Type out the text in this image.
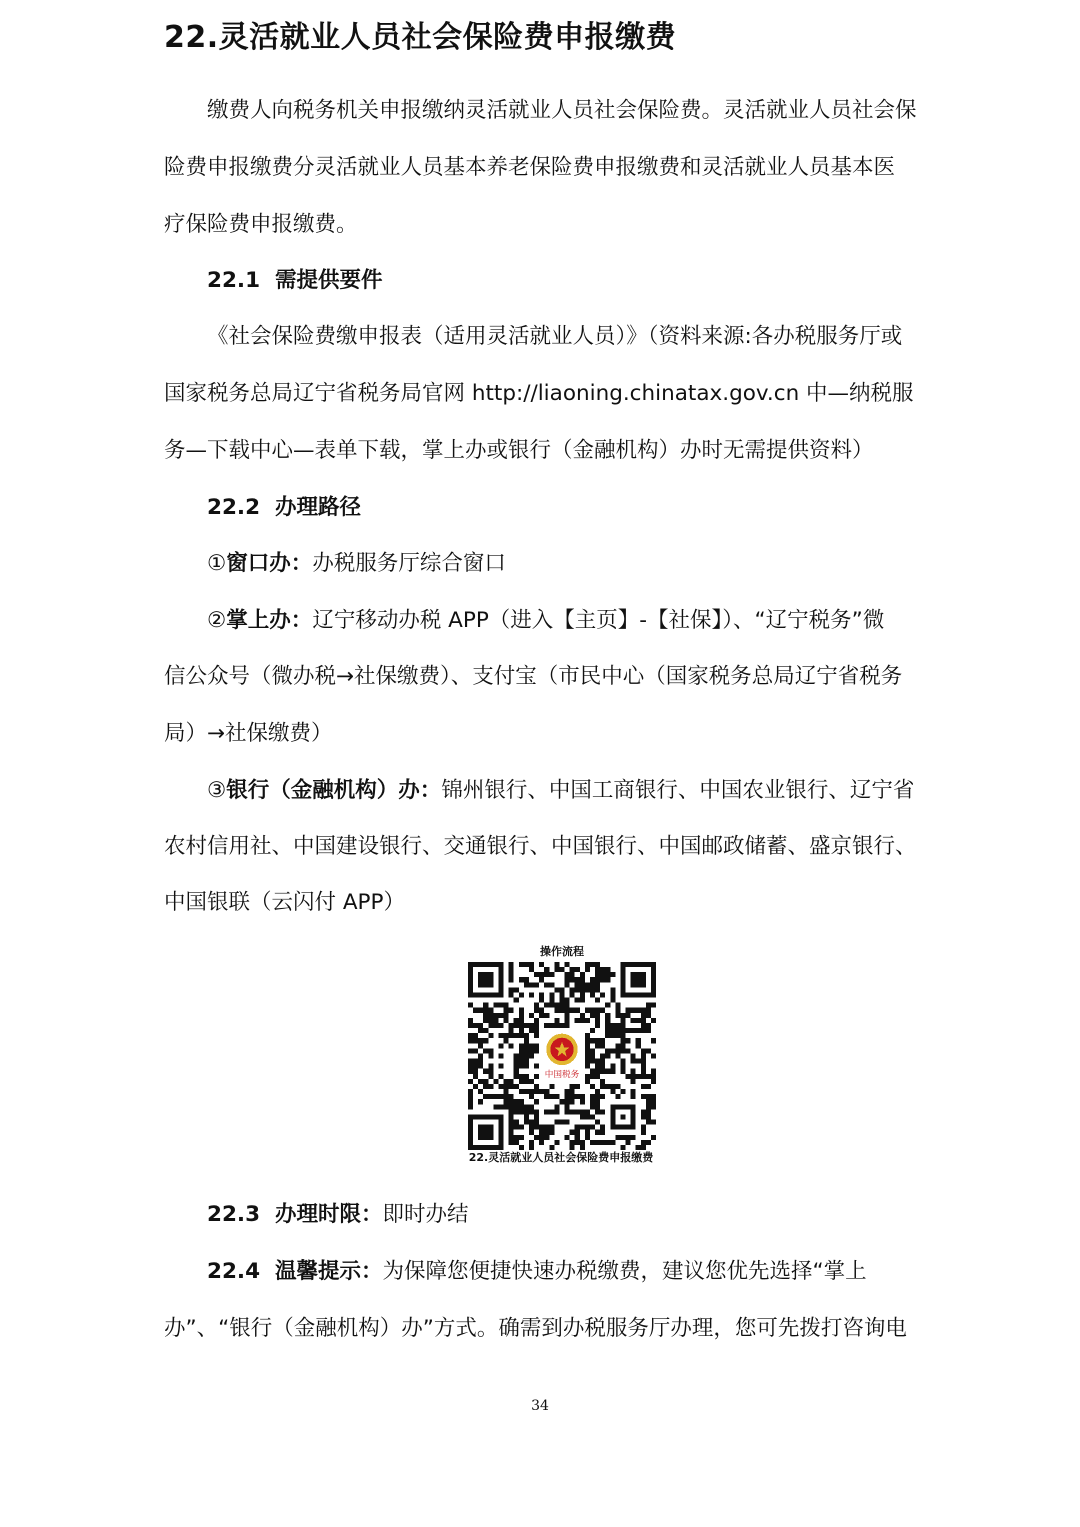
22.灵活就业人员社会保险费申报缴费
缴费人向税务机关申报缴纳灵活就业人员社会保险费。灵活就业人员社会保
险费申报缴费分灵活就业人员基本养老保险费申报缴费和灵活就业人员基本医
疗保险费申报缴费。
22.1 需提供要件
《社会保险费缴申报表（适用灵活就业人员）》（资料来源:各办税服务厅或
国家税务总局辽宁省税务局官网 http://liaoning.chinatax.gov.cn 中—纳税服
务—下载中心—表单下载，掌上办或银行（金融机构）办时无需提供资料）
22.2 办理路径
①窗口办：办税服务厅综合窗口
②掌上办：辽宁移动办税 APP（进入【主页】-【社保】）、“辽宁税务”微
信公众号（微办税→社保缴费）、支付宝（市民中心（国家税务总局辽宁省税务
局）→社保缴费）
③银行（金融机构）办：锦州银行、中国工商银行、中国农业银行、辽宁省
农村信用社、中国建设银行、交通银行、中国银行、中国邮政储蓄、盛京银行、
中国银联（云闪付 APP）
操作流程
中国税务
22.灵活就业人员社会保险费申报缴费
22.3 办理时限：即时办结
22.4 温馨提示：为保障您便捷快速办税缴费，建议您优先选择“掌上
办”、“银行（金融机构）办”方式。确需到办税服务厅办理，您可先拨打咨询电
34
